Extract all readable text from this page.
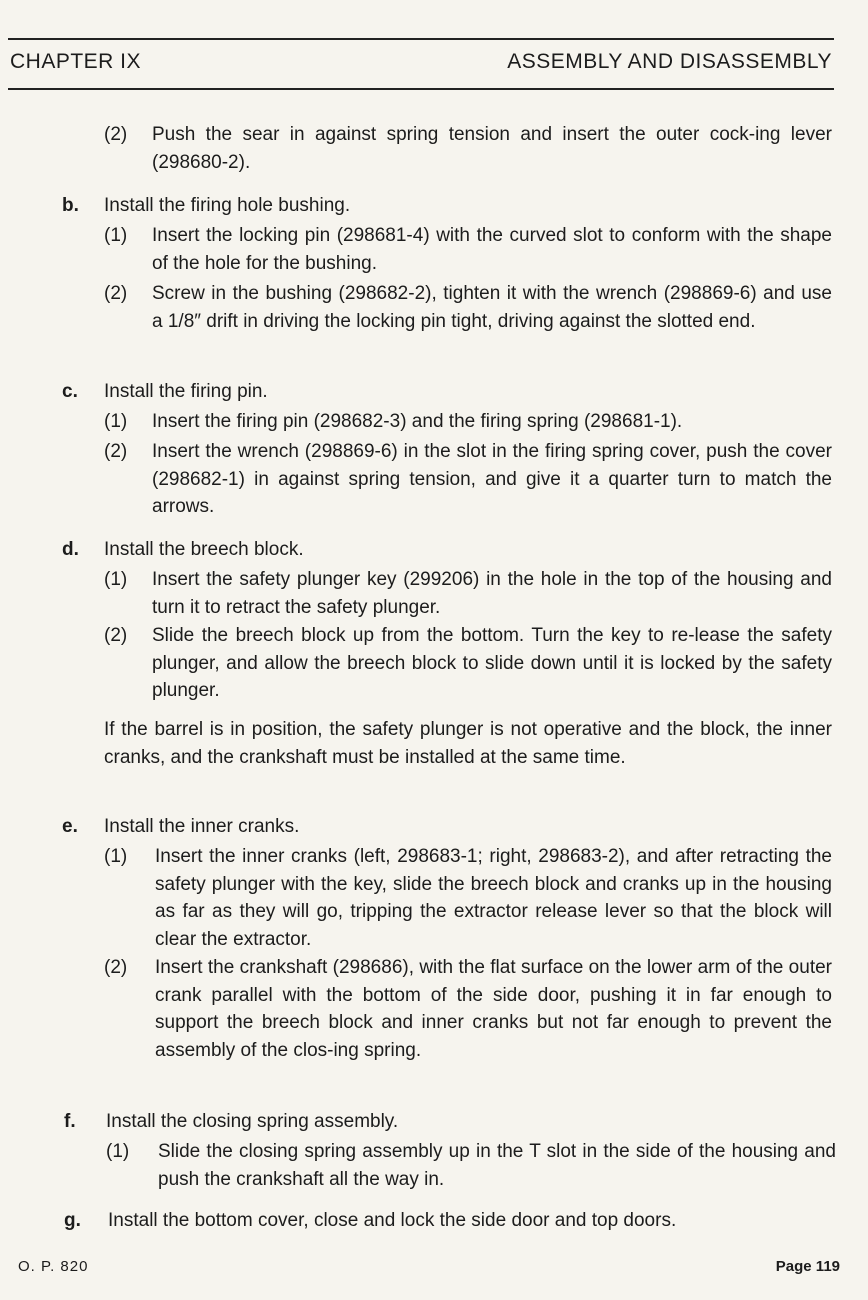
CHAPTER IX	ASSEMBLY AND DISASSEMBLY
(2) Push the sear in against spring tension and insert the outer cock-ing lever (298680-2).
b. Install the firing hole bushing.
(1) Insert the locking pin (298681-4) with the curved slot to conform with the shape of the hole for the bushing.
(2) Screw in the bushing (298682-2), tighten it with the wrench (298869-6) and use a 1/8″ drift in driving the locking pin tight, driving against the slotted end.
c. Install the firing pin.
(1) Insert the firing pin (298682-3) and the firing spring (298681-1).
(2) Insert the wrench (298869-6) in the slot in the firing spring cover, push the cover (298682-1) in against spring tension, and give it a quarter turn to match the arrows.
d. Install the breech block.
(1) Insert the safety plunger key (299206) in the hole in the top of the housing and turn it to retract the safety plunger.
(2) Slide the breech block up from the bottom. Turn the key to re-lease the safety plunger, and allow the breech block to slide down until it is locked by the safety plunger.
If the barrel is in position, the safety plunger is not operative and the block, the inner cranks, and the crankshaft must be installed at the same time.
e. Install the inner cranks.
(1) Insert the inner cranks (left, 298683-1; right, 298683-2), and after retracting the safety plunger with the key, slide the breech block and cranks up in the housing as far as they will go, tripping the extractor release lever so that the block will clear the extractor.
(2) Insert the crankshaft (298686), with the flat surface on the lower arm of the outer crank parallel with the bottom of the side door, pushing it in far enough to support the breech block and inner cranks but not far enough to prevent the assembly of the clos-ing spring.
f. Install the closing spring assembly.
(1) Slide the closing spring assembly up in the T slot in the side of the housing and push the crankshaft all the way in.
g. Install the bottom cover, close and lock the side door and top doors.
O. P. 820	Page 119
